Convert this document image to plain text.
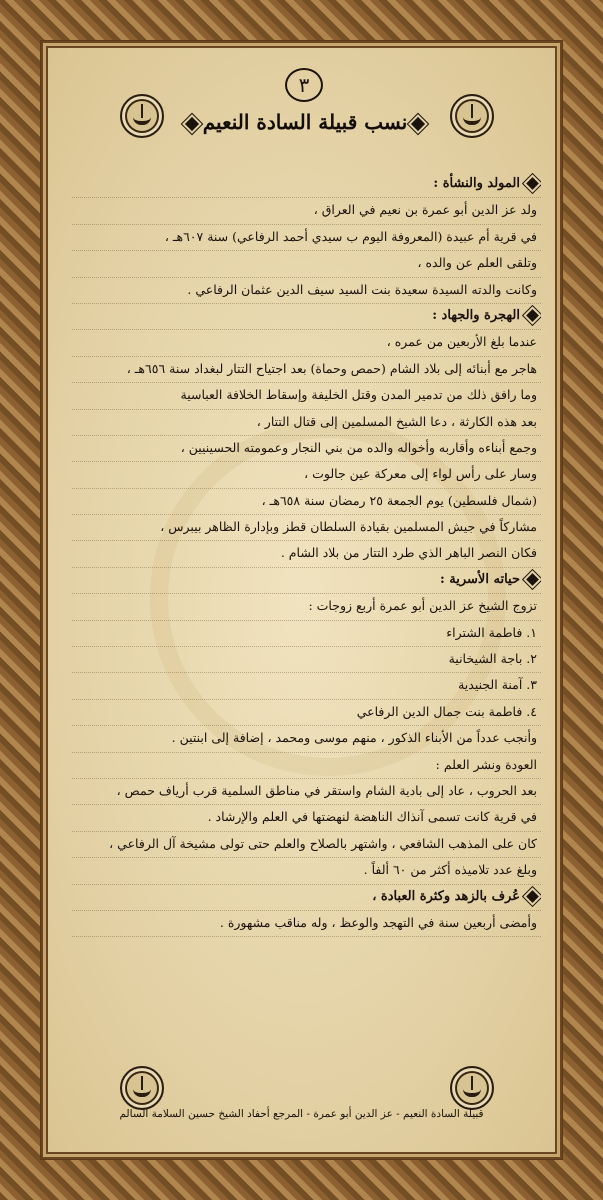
٣
نسب قبيلة السادة النعيم
المولد والنشأة :
ولد عز الدين أبو عمرة بن نعيم في العراق ،
في قرية أم عبيدة (المعروفة اليوم ب سيدي أحمد الرفاعي) سنة ٦٠٧هـ ،
وتلقى العلم عن والده ،
وكانت والدته السيدة سعيدة بنت السيد سيف الدين عثمان الرفاعي .
الهجرة والجهاد :
عندما بلغ الأربعين من عمره ،
هاجر مع أبنائه إلى بلاد الشام (حمص وحماة) بعد اجتياح التتار لبغداد سنة ٦٥٦هـ ،
وما رافق ذلك من تدمير المدن وقتل الخليفة وإسقاط الخلافة العباسية
بعد هذه الكارثة ، دعا الشيخ المسلمين إلى قتال التتار ،
وجمع أبناءه وأقاربه وأخواله والده من بني النجار وعمومته الحسينيين ،
وسار على رأس لواء إلى معركة عين جالوت ،
(شمال فلسطين) يوم الجمعة ٢٥ رمضان سنة ٦٥٨هـ ،
مشاركاً في جيش المسلمين بقيادة السلطان قطز وبإدارة الظاهر بيبرس ،
فكان النصر الباهر الذي طرد التتار من بلاد الشام .
حياته الأسرية :
تزوج الشيخ عز الدين أبو عمرة أربع زوجات :
١. فاطمة الشتراء
٢. باجة الشيخانية
٣. آمنة الجنيدية
٤. فاطمة بنت جمال الدين الرفاعي
وأنجب عدداً من الأبناء الذكور ، منهم موسى ومحمد ، إضافة إلى ابنتين .
العودة ونشر العلم :
بعد الحروب ، عاد إلى بادية الشام واستقر في مناطق السلمية قرب أرياف حمص ،
في قرية كانت تسمى آنذاك الناهضة لنهضتها في العلم والإرشاد .
كان على المذهب الشافعي ، واشتهر بالصلاح والعلم حتى تولى مشيخة آل الرفاعي ،
وبلغ عدد تلاميذه أكثر من ٦٠ ألفاً .
عُرف بالزهد وكثرة العبادة ،
وأمضى أربعين سنة في التهجد والوعظ ، وله مناقب مشهورة .
قبيلة السادة النعيم - عز الدين أبو عمرة - المرجع أحفاد الشيخ حسين السلامة السالم
